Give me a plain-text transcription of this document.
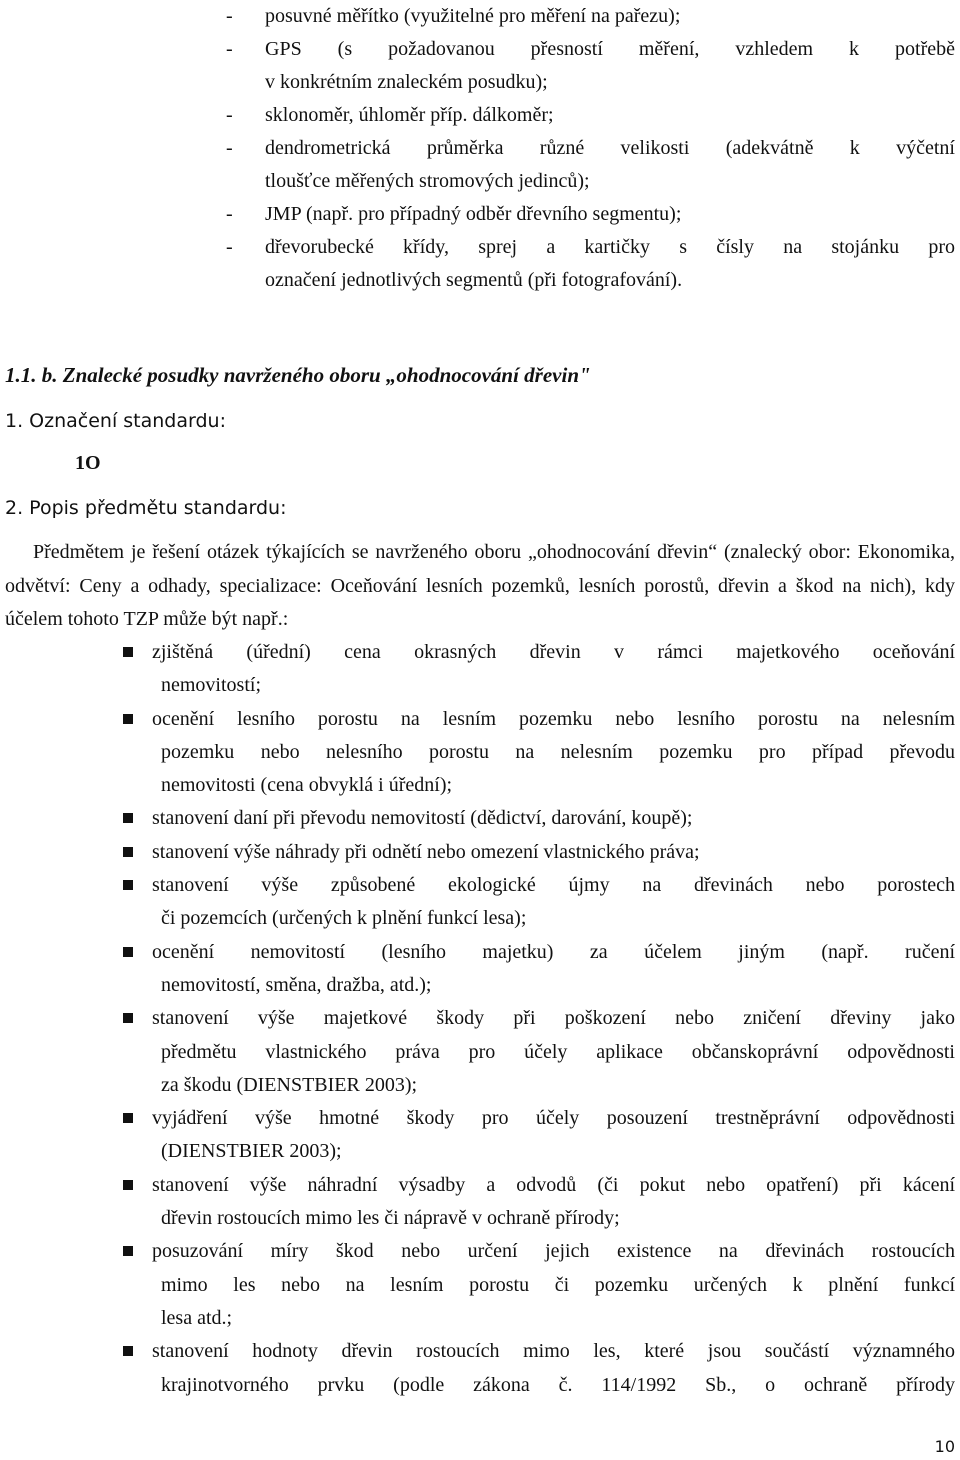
- posuvné měřítko (využitelné pro měření na pařezu);
- GPS (s požadovanou přesností měření, vzhledem k potřebě
v konkrétním znaleckém posudku);
- sklonoměr, úhloměr příp. dálkoměr;
- dendrometrická průměrka různé velikosti (adekvátně k výčetní
tloušťce měřených stromových jedinců);
- JMP (např. pro případný odběr dřevního segmentu);
- dřevorubecké křídy, sprej a kartičky s čísly na stojánku pro
označení jednotlivých segmentů (při fotografování).
1.1. b. Znalecké posudky navrženého oboru „ohodnocování dřevin"
1. Označení standardu:
1O
2. Popis předmětu standardu:
Předmětem je řešení otázek týkajících se navrženého oboru „ohodnocování dřevin“ (znalecký obor: Ekonomika, odvětví: Ceny a odhady, specializace: Oceňování lesních pozemků, lesních porostů, dřevin a škod na nich), kdy účelem tohoto TZP může být např.:
zjištěná (úřední) cena okrasných dřevin v rámci majetkového oceňování
nemovitostí;
ocenění lesního porostu na lesním pozemku nebo lesního porostu na nelesním
pozemku nebo nelesního porostu na nelesním pozemku pro případ převodu
nemovitosti (cena obvyklá i úřední);
stanovení daní při převodu nemovitostí (dědictví, darování, koupě);
stanovení výše náhrady při odnětí nebo omezení vlastnického práva;
stanovení výše způsobené ekologické újmy na dřevinách nebo porostech
či pozemcích (určených k plnění funkcí lesa);
ocenění nemovitostí (lesního majetku) za účelem jiným (např. ručení
nemovitostí, směna, dražba, atd.);
stanovení výše majetkové škody při poškození nebo zničení dřeviny jako
předmětu vlastnického práva pro účely aplikace občanskoprávní odpovědnosti
za škodu (DIENSTBIER 2003);
vyjádření výše hmotné škody pro účely posouzení trestněprávní odpovědnosti
(DIENSTBIER 2003);
stanovení výše náhradní výsadby a odvodů (či pokut nebo opatření) při kácení
dřevin rostoucích mimo les či nápravě v ochraně přírody;
posuzování míry škod nebo určení jejich existence na dřevinách rostoucích
mimo les nebo na lesním porostu či pozemku určených k plnění funkcí
lesa atd.;
stanovení hodnoty dřevin rostoucích mimo les, které jsou součástí významného
krajinotvorného prvku (podle zákona č. 114/1992 Sb., o ochraně přírody
10
